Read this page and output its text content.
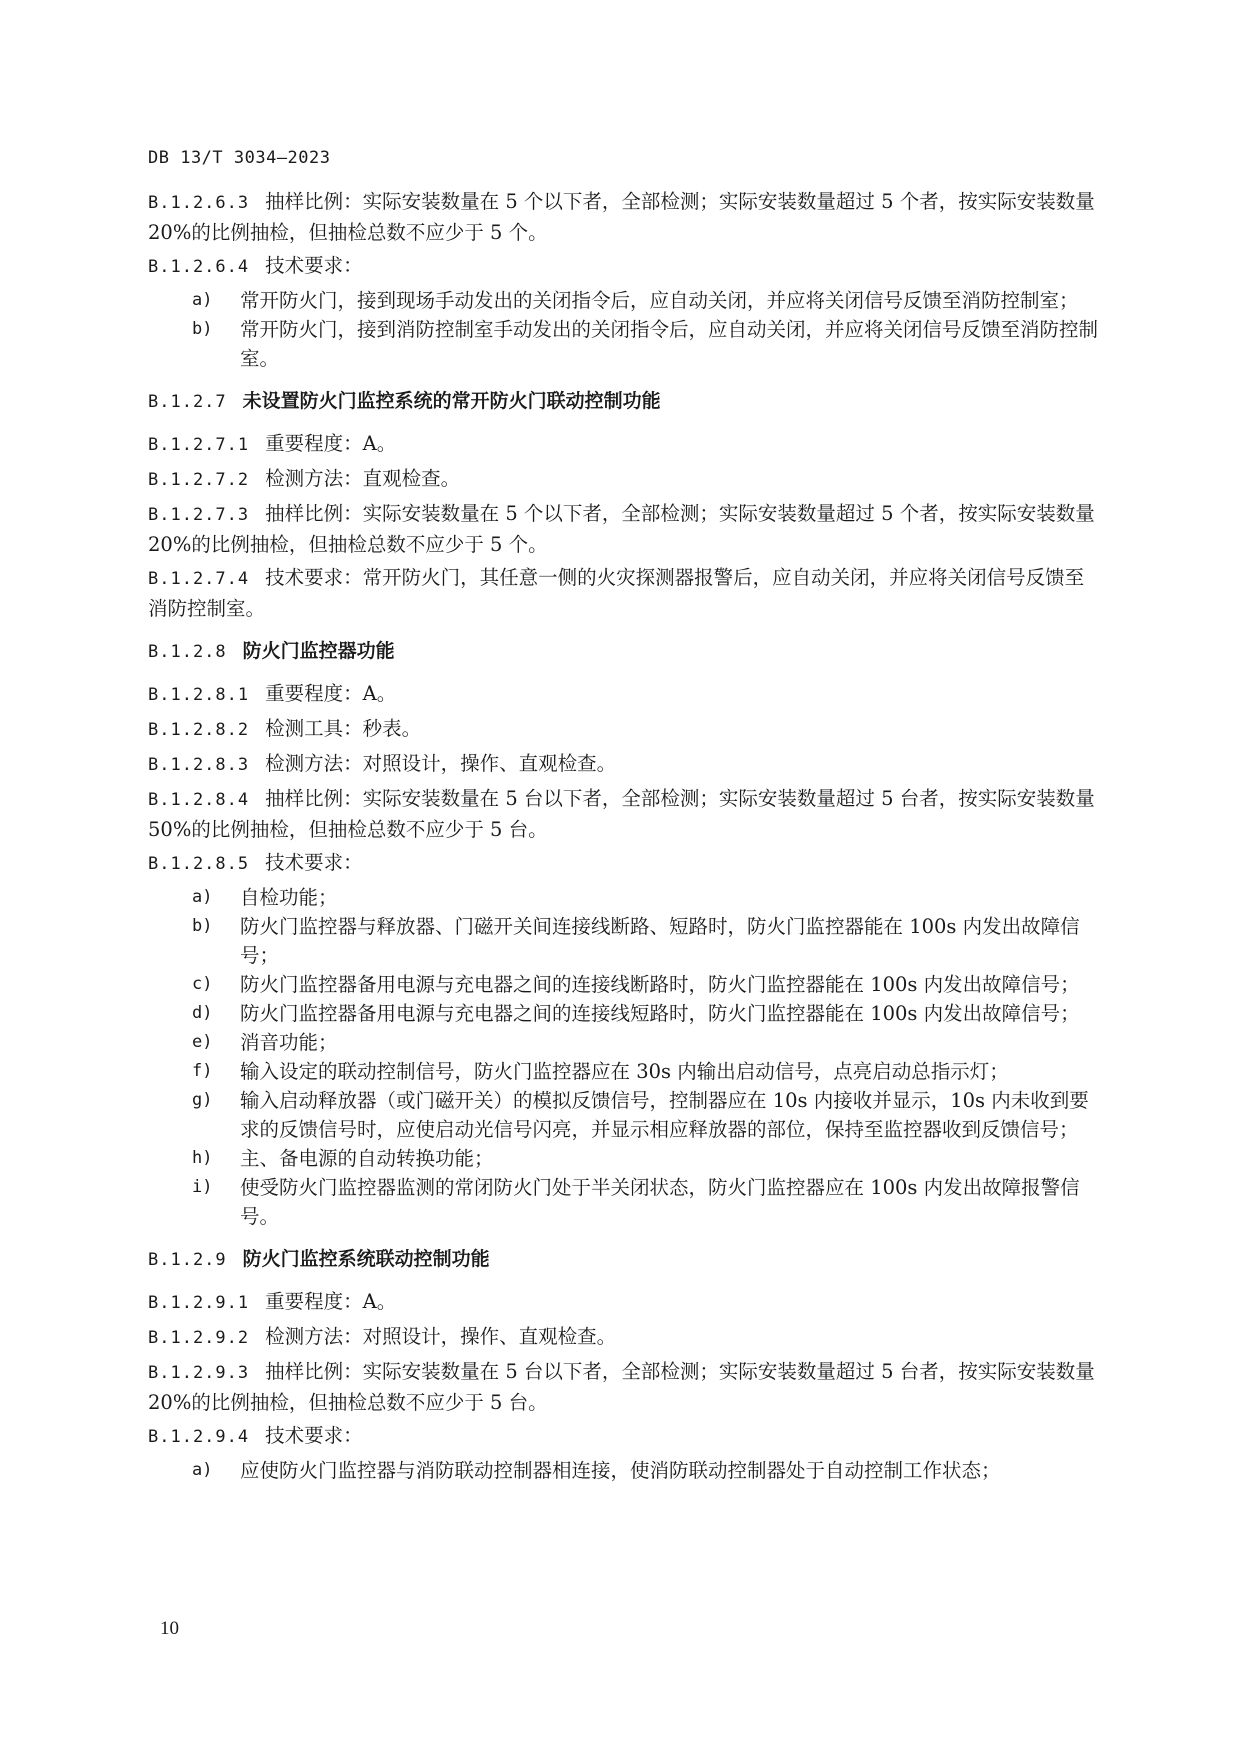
DB 13/T 3034—2023
B.1.2.6.3 抽样比例：实际安装数量在 5 个以下者，全部检测；实际安装数量超过 5 个者，按实际安装数量 20%的比例抽检，但抽检总数不应少于 5 个。
B.1.2.6.4 技术要求：
a) 常开防火门，接到现场手动发出的关闭指令后，应自动关闭，并应将关闭信号反馈至消防控制室；
b) 常开防火门，接到消防控制室手动发出的关闭指令后，应自动关闭，并应将关闭信号反馈至消防控制室。
B.1.2.7 未设置防火门监控系统的常开防火门联动控制功能
B.1.2.7.1 重要程度：A。
B.1.2.7.2 检测方法：直观检查。
B.1.2.7.3 抽样比例：实际安装数量在 5 个以下者，全部检测；实际安装数量超过 5 个者，按实际安装数量 20%的比例抽检，但抽检总数不应少于 5 个。
B.1.2.7.4 技术要求：常开防火门，其任意一侧的火灾探测器报警后，应自动关闭，并应将关闭信号反馈至消防控制室。
B.1.2.8 防火门监控器功能
B.1.2.8.1 重要程度：A。
B.1.2.8.2 检测工具：秒表。
B.1.2.8.3 检测方法：对照设计，操作、直观检查。
B.1.2.8.4 抽样比例：实际安装数量在 5 台以下者，全部检测；实际安装数量超过 5 台者，按实际安装数量 50%的比例抽检，但抽检总数不应少于 5 台。
B.1.2.8.5 技术要求：
a) 自检功能；
b) 防火门监控器与释放器、门磁开关间连接线断路、短路时，防火门监控器能在 100s 内发出故障信号；
c) 防火门监控器备用电源与充电器之间的连接线断路时，防火门监控器能在 100s 内发出故障信号；
d) 防火门监控器备用电源与充电器之间的连接线短路时，防火门监控器能在 100s 内发出故障信号；
e) 消音功能；
f) 输入设定的联动控制信号，防火门监控器应在 30s 内输出启动信号，点亮启动总指示灯；
g) 输入启动释放器（或门磁开关）的模拟反馈信号，控制器应在 10s 内接收并显示，10s 内未收到要求的反馈信号时，应使启动光信号闪亮，并显示相应释放器的部位，保持至监控器收到反馈信号；
h) 主、备电源的自动转换功能；
i) 使受防火门监控器监测的常闭防火门处于半关闭状态，防火门监控器应在 100s 内发出故障报警信号。
B.1.2.9 防火门监控系统联动控制功能
B.1.2.9.1 重要程度：A。
B.1.2.9.2 检测方法：对照设计，操作、直观检查。
B.1.2.9.3 抽样比例：实际安装数量在 5 台以下者，全部检测；实际安装数量超过 5 台者，按实际安装数量 20%的比例抽检，但抽检总数不应少于 5 台。
B.1.2.9.4 技术要求：
a) 应使防火门监控器与消防联动控制器相连接，使消防联动控制器处于自动控制工作状态；
10
